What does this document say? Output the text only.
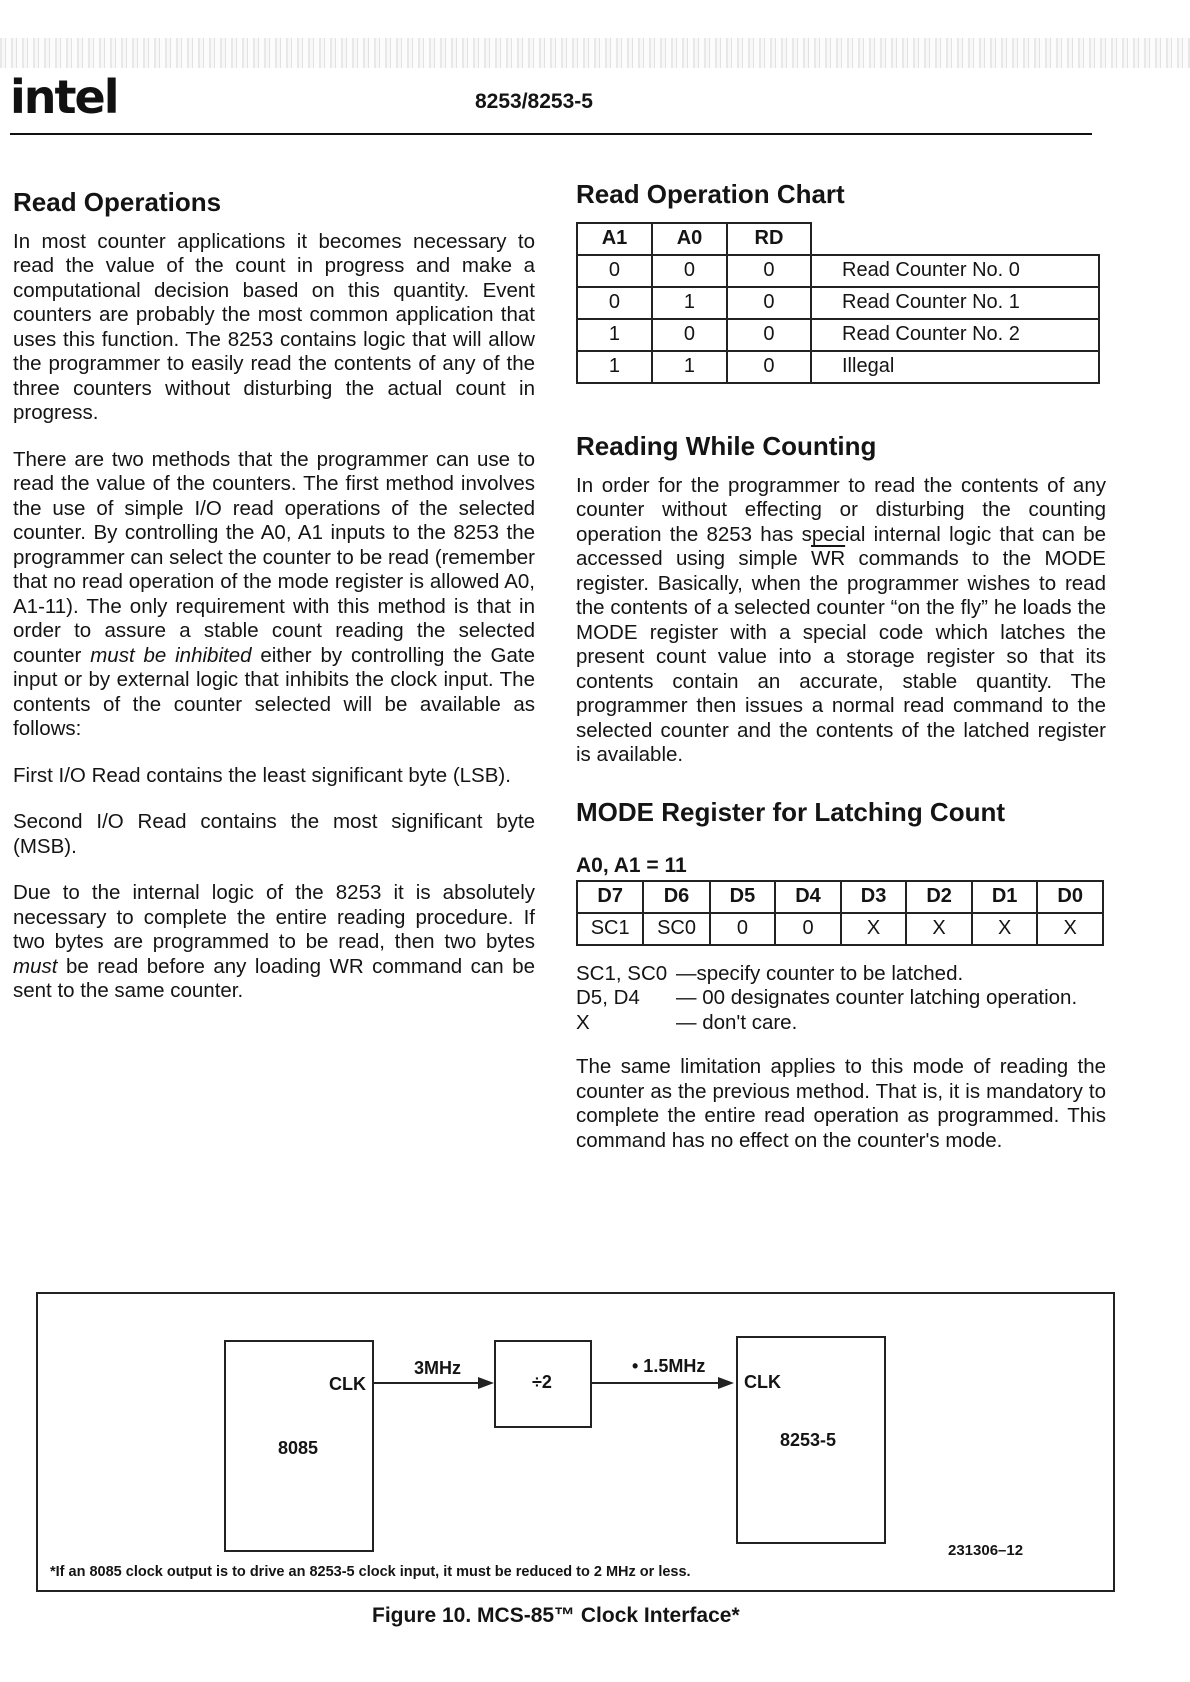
intel	8253/8253-5
Read Operations

In most counter applications it becomes necessary to read the value of the count in progress and make a computational decision based on this quantity. Event counters are probably the most common application that uses this function. The 8253 contains logic that will allow the programmer to easily read the contents of any of the three counters without disturbing the actual count in progress.

There are two methods that the programmer can use to read the value of the counters. The first method involves the use of simple I/O read operations of the selected counter. By controlling the A0, A1 inputs to the 8253 the programmer can select the counter to be read (remember that no read operation of the mode register is allowed A0, A1-11). The only requirement with this method is that in order to assure a stable count reading the selected counter must be inhibited either by controlling the Gate input or by external logic that inhibits the clock input. The contents of the counter selected will be available as follows:

First I/O Read contains the least significant byte (LSB).

Second I/O Read contains the most significant byte (MSB).

Due to the internal logic of the 8253 it is absolutely necessary to complete the entire reading procedure. If two bytes are programmed to be read, then two bytes must be read before any loading WR command can be sent to the same counter.

Read Operation Chart
A1	A0	RD	
0	0	0	Read Counter No. 0
0	1	0	Read Counter No. 1
1	0	0	Read Counter No. 2
1	1	0	Illegal
Reading While Counting

In order for the programmer to read the contents of any counter without effecting or disturbing the counting operation the 8253 has special internal logic that can be accessed using simple $\overline{WR}$ commands to the MODE register. Basically, when the programmer wishes to read the contents of a selected counter “on the fly” he loads the MODE register with a special code which latches the present count value into a storage register so that its contents contain an accurate, stable quantity. The programmer then issues a normal read command to the selected counter and the contents of the latched register is available.

MODE Register for Latching Count
A0, A1 = 11
D7	D6	D5	D4	D3	D2	D1	D0
SC1	SC0	0	0	X	X	X	X
SC1, SC0 —specify counter to be latched.
D5, D4	— 00 designates counter latching operation.
X	— don't care.

The same limitation applies to this mode of reading the counter as the previous method. That is, it is mandatory to complete the entire read operation as programmed. This command has no effect on the counter's mode.

CLK
8085
3MHz
÷2
• 1.5MHz
CLK
8253-5
231306–12
*If an 8085 clock output is to drive an 8253-5 clock input, it must be reduced to 2 MHz or less.
Figure 10. MCS-85™ Clock Interface*
